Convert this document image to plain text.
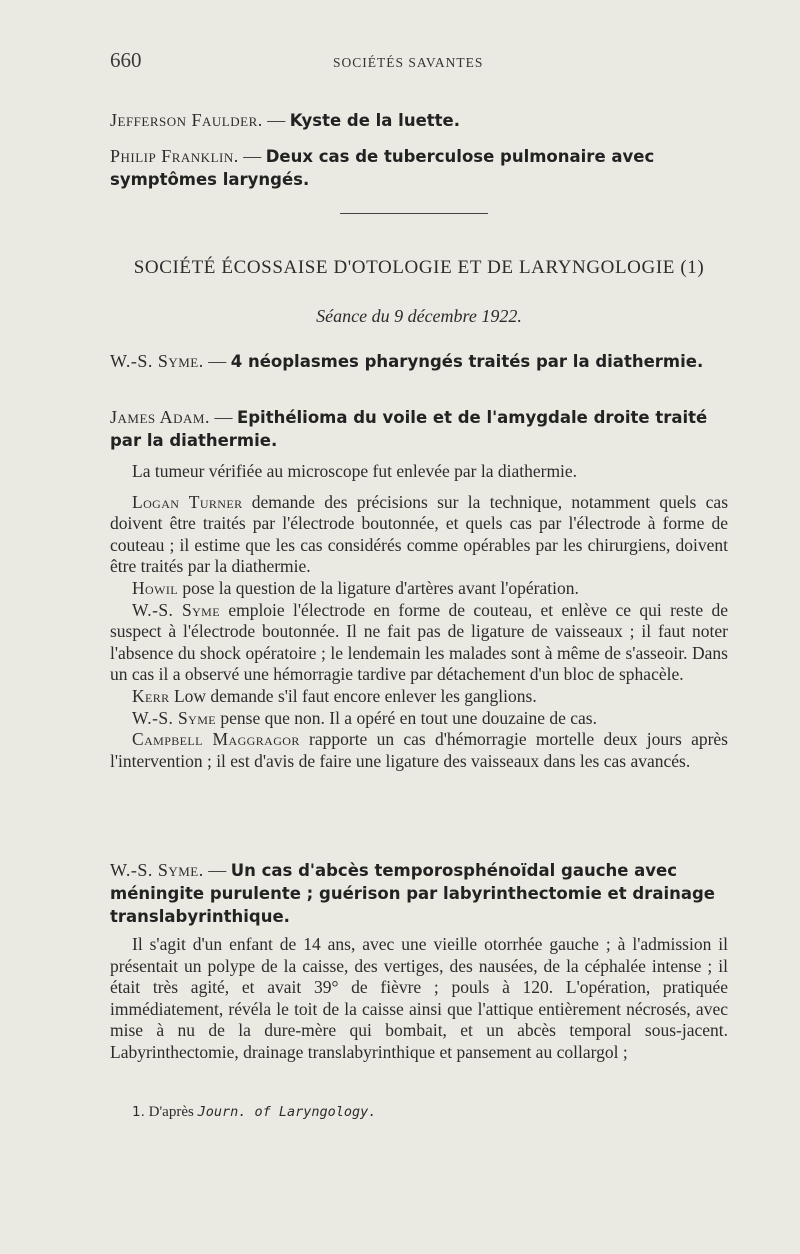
660	SOCIÉTÉS SAVANTES
Jefferson Faulder. — Kyste de la luette.
Philip Franklin. — Deux cas de tuberculose pulmonaire avec symptômes laryngés.
SOCIÉTÉ ÉCOSSAISE D'OTOLOGIE ET DE LARYNGOLOGIE (1)
Séance du 9 décembre 1922.
W.-S. Syme. — 4 néoplasmes pharyngés traités par la diathermie.
James Adam. — Epithélioma du voile et de l'amygdale droite traité par la diathermie.

La tumeur vérifiée au microscope fut enlevée par la diathermie.

Logan Turner demande des précisions sur la technique, notamment quels cas doivent être traités par l'électrode boutonnée, et quels cas par l'électrode à forme de couteau ; il estime que les cas considérés comme opérables par les chirurgiens, doivent être traités par la diathermie.

Howil pose la question de la ligature d'artères avant l'opération.

W.-S. Syme emploie l'électrode en forme de couteau, et enlève ce qui reste de suspect à l'électrode boutonnée. Il ne fait pas de ligature de vaisseaux ; il faut noter l'absence du shock opératoire ; le lendemain les malades sont à même de s'asseoir. Dans un cas il a observé une hémorragie tardive par détachement d'un bloc de sphacèle.

Kerr Low demande s'il faut encore enlever les ganglions.

W.-S. Syme pense que non. Il a opéré en tout une douzaine de cas.

Campbell Maggragor rapporte un cas d'hémorragie mortelle deux jours après l'intervention ; il est d'avis de faire une ligature des vaisseaux dans les cas avancés.

W.-S. Syme. — Un cas d'abcès temporosphénoïdal gauche avec méningite purulente ; guérison par labyrinthectomie et drainage translabyrinthique.

Il s'agit d'un enfant de 14 ans, avec une vieille otorrhée gauche ; à l'admission il présentait un polype de la caisse, des vertiges, des nausées, de la céphalée intense ; il était très agité, et avait 39° de fièvre ; pouls à 120. L'opération, pratiquée immédiatement, révéla le toit de la caisse ainsi que l'attique entièrement nécrosés, avec mise à nu de la dure-mère qui bombait, et un abcès temporal sous-jacent. Labyrinthectomie, drainage translabyrinthique et pansement au collargol ;

1. D'après Journ. of Laryngology.
